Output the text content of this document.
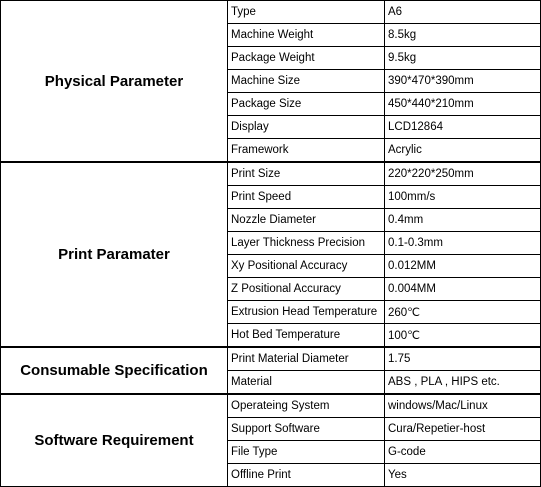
Physical Parameter	Type	A6
	Machine Weight	8.5kg
	Package Weight	9.5kg
	Machine Size	390*470*390mm
	Package Size	450*440*210mm
	Display	LCD12864
	Framework	Acrylic
Print Paramater	Print Size	220*220*250mm
	Print Speed	100mm/s
	Nozzle Diameter	0.4mm
	Layer Thickness Precision	0.1-0.3mm
	Xy Positional Accuracy	0.012MM
	Z Positional Accuracy	0.004MM
	Extrusion Head Temperature	260℃
	Hot Bed Temperature	100℃
Consumable Specification	Print Material Diameter	1.75
	Material	ABS , PLA , HIPS etc.
Software Requirement	Operateing System	windows/Mac/Linux
	Support Software	Cura/Repetier-host
	File Type	G-code
	Offline Print	Yes
